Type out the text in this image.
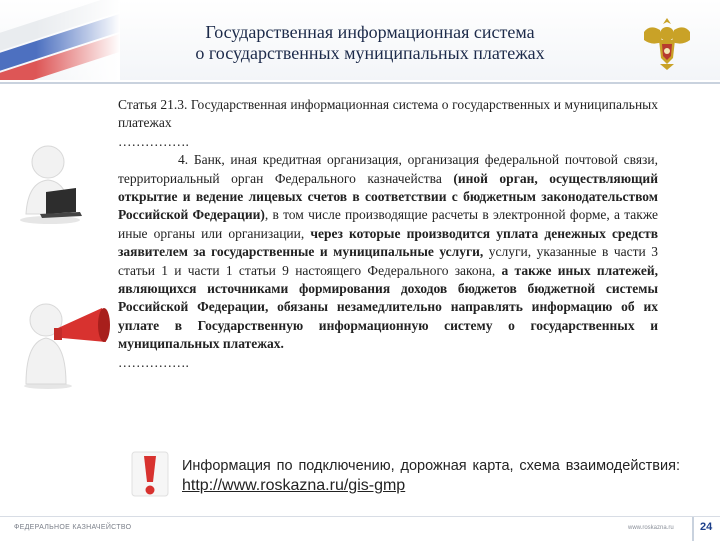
Государственная информационная система
о государственных муниципальных платежах

Статья 21.3. Государственная информационная система о государственных и муниципальных платежах

…………….

4. Банк, иная кредитная организация, организация федеральной почтовой связи, территориальный орган Федерального казначейства (иной орган, осуществляющий открытие и ведение лицевых счетов в соответствии с бюджетным законодательством Российской Федерации), в том числе производящие расчеты в электронной форме, а также иные органы или организации, через которые производится уплата денежных средств заявителем за государственные и муниципальные услуги, услуги, указанные в части 3 статьи 1 и части 1 статьи 9 настоящего Федерального закона, а также иных платежей, являющихся источниками формирования доходов бюджетов бюджетной системы Российской Федерации, обязаны незамедлительно направлять информацию об их уплате в Государственную информационную систему о государственных и муниципальных платежах.

…………….

Информация по подключению, дорожная карта, схема взаимодействия: http://www.roskazna.ru/gis-gmp
ФЕДЕРАЛЬНОЕ КАЗНАЧЕЙСТВО	www.roskazna.ru 24
